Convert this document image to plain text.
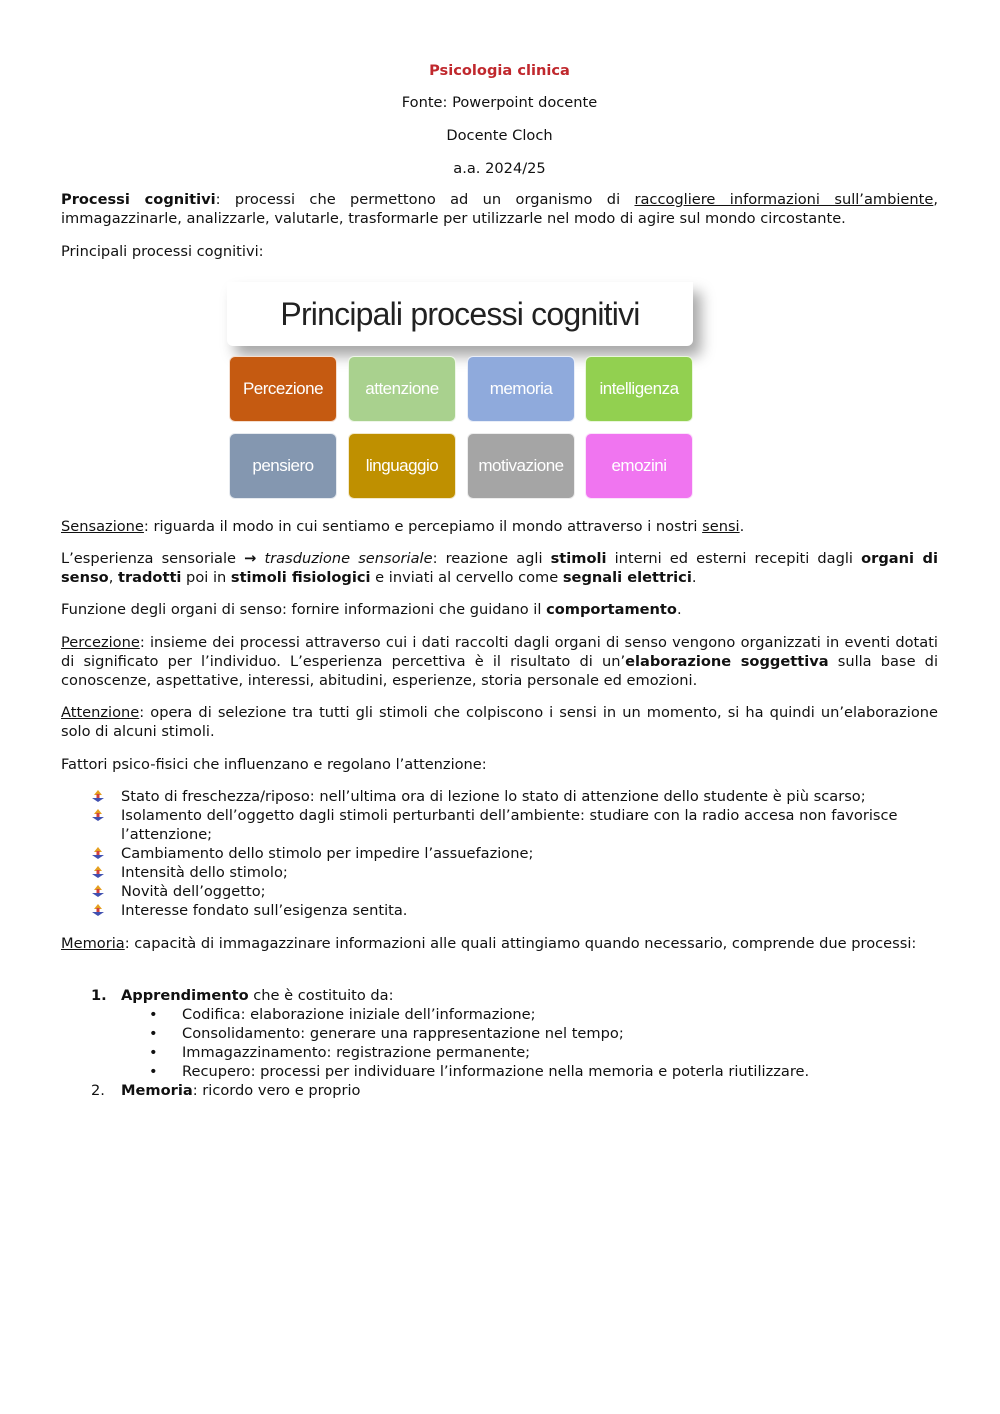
Psicologia clinica

Fonte: Powerpoint docente

Docente Cloch

a.a. 2024/25

Processi cognitivi: processi che permettono ad un organismo di raccogliere informazioni sull’ambiente, immagazzinarle, analizzarle, valutarle, trasformarle per utilizzarle nel modo di agire sul mondo circostante.

Principali processi cognitivi:

Principali processi cognitivi
Percezione	attenzione	memoria	intelligenza
pensiero	linguaggio	motivazione	emozini

Sensazione: riguarda il modo in cui sentiamo e percepiamo il mondo attraverso i nostri sensi.

L’esperienza sensoriale → trasduzione sensoriale: reazione agli stimoli interni ed esterni recepiti dagli organi di senso, tradotti poi in stimoli fisiologici e inviati al cervello come segnali elettrici.

Funzione degli organi di senso: fornire informazioni che guidano il comportamento.

Percezione: insieme dei processi attraverso cui i dati raccolti dagli organi di senso vengono organizzati in eventi dotati di significato per l’individuo. L’esperienza percettiva è il risultato di un’elaborazione soggettiva sulla base di conoscenze, aspettative, interessi, abitudini, esperienze, storia personale ed emozioni.

Attenzione: opera di selezione tra tutti gli stimoli che colpiscono i sensi in un momento, si ha quindi un’elaborazione solo di alcuni stimoli.

Fattori psico-fisici che influenzano e regolano l’attenzione:

Stato di freschezza/riposo: nell’ultima ora di lezione lo stato di attenzione dello studente è più scarso;
Isolamento dell’oggetto dagli stimoli perturbanti dell’ambiente: studiare con la radio accesa non favorisce l’attenzione;
Cambiamento dello stimolo per impedire l’assuefazione;
Intensità dello stimolo;
Novità dell’oggetto;
Interesse fondato sull’esigenza sentita.

Memoria: capacità di immagazzinare informazioni alle quali attingiamo quando necessario, comprende due processi:

1. Apprendimento che è costituito da:
• Codifica: elaborazione iniziale dell’informazione;
• Consolidamento: generare una rappresentazione nel tempo;
• Immagazzinamento: registrazione permanente;
• Recupero: processi per individuare l’informazione nella memoria e poterla riutilizzare.
2. Memoria: ricordo vero e proprio
